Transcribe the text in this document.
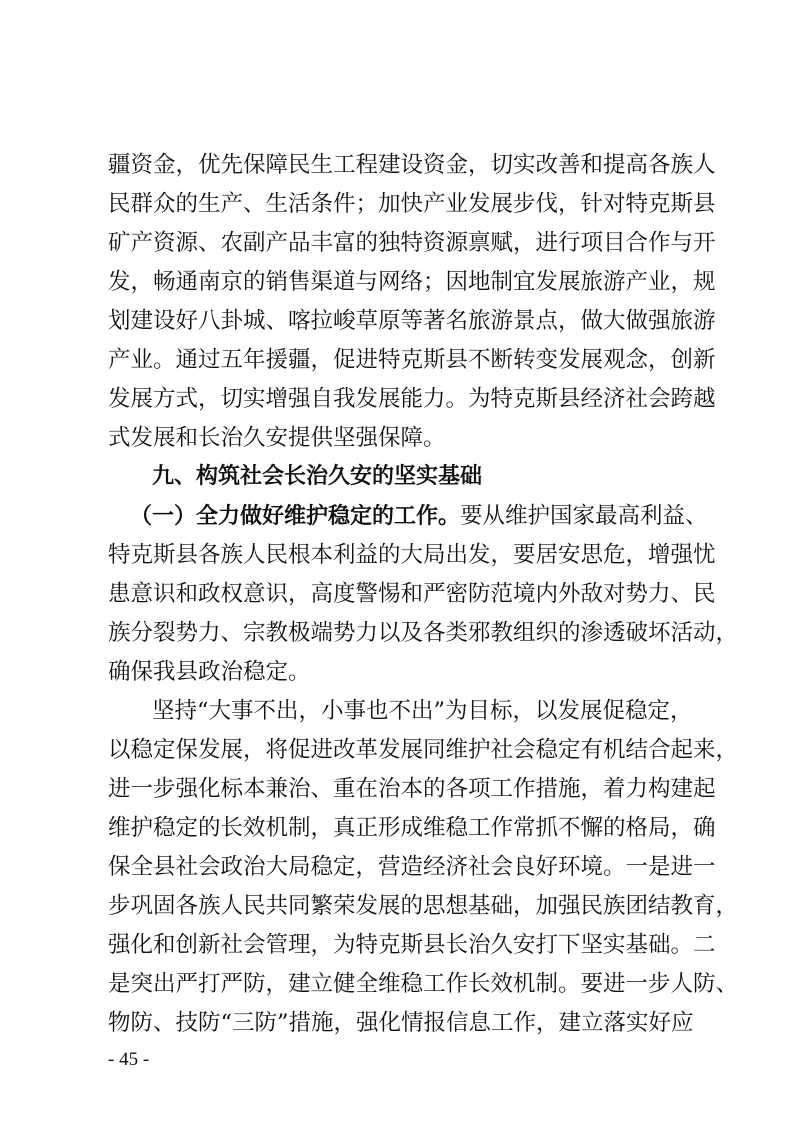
疆资金，优先保障民生工程建设资金，切实改善和提高各族人
民群众的生产、生活条件；加快产业发展步伐，针对特克斯县
矿产资源、农副产品丰富的独特资源禀赋，进行项目合作与开
发，畅通南京的销售渠道与网络；因地制宜发展旅游产业，规
划建设好八卦城、喀拉峻草原等著名旅游景点，做大做强旅游
产业。通过五年援疆，促进特克斯县不断转变发展观念，创新
发展方式，切实增强自我发展能力。为特克斯县经济社会跨越
式发展和长治久安提供坚强保障。
九、构筑社会长治久安的坚实基础
（一）全力做好维护稳定的工作。要从维护国家最高利益、
特克斯县各族人民根本利益的大局出发，要居安思危，增强忧
患意识和政权意识，高度警惕和严密防范境内外敌对势力、民
族分裂势力、宗教极端势力以及各类邪教组织的渗透破坏活动，
确保我县政治稳定。
坚持“大事不出，小事也不出”为目标，以发展促稳定，
以稳定保发展，将促进改革发展同维护社会稳定有机结合起来，
进一步强化标本兼治、重在治本的各项工作措施，着力构建起
维护稳定的长效机制，真正形成维稳工作常抓不懈的格局，确
保全县社会政治大局稳定，营造经济社会良好环境。一是进一
步巩固各族人民共同繁荣发展的思想基础，加强民族团结教育，
强化和创新社会管理，为特克斯县长治久安打下坚实基础。二
是突出严打严防，建立健全维稳工作长效机制。要进一步人防、
物防、技防“三防”措施，强化情报信息工作，建立落实好应
- 45 -
